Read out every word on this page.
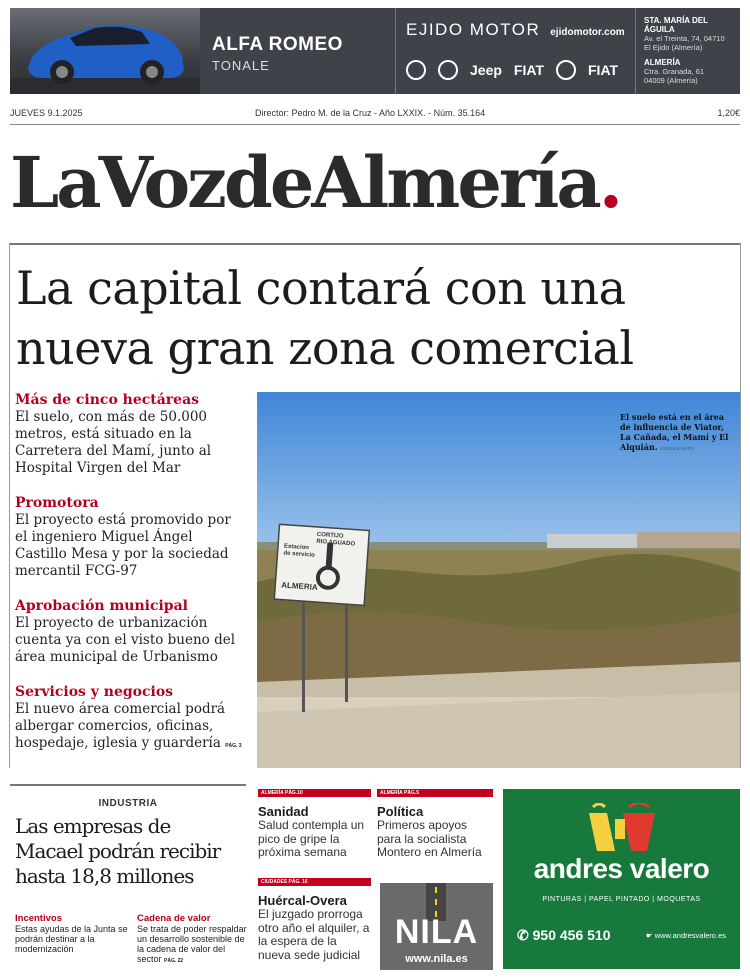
ALFA ROMEO
TONALE
EJIDO MOTOR ejidomotor.com
Jeep FIAT	FIAT
STA. MARÍA DEL ÁGUILA
Av. el Treinta, 74, 04710
El Ejido (Almería)
ALMERÍA
Ctra. Granada, 61
04009 (Almería)
JUEVES 9.1.2025	Director: Pedro M. de la Cruz - Año LXXIX. - Núm. 35.164	1,20€
LaVozdeAlmería.
La capital contará con una
nueva gran zona comercial
Más de cinco hectáreas
El suelo, con más de 50.000 metros, está situado en la Carretera del Mamí, junto al Hospital Virgen del Mar
Promotora
El proyecto está promovido por el ingeniero Miguel Ángel Castillo Mesa y por la sociedad mercantil FCG-97
Aprobación municipal
El proyecto de urbanización cuenta ya con el visto bueno del área municipal de Urbanismo
Servicios y negocios
El nuevo área comercial podrá albergar comercios, oficinas, hospedaje, iglesia y guardería PÁG. 3
CORTIJO
RIO AGUADO
Estacion
de servicio
ALMERIA
El suelo está en el área de influencia de Viator, La Cañada, el Mamí y El Alquián. GOOGLE MAPS
INDUSTRIA
Las empresas de
Macael podrán recibir
hasta 18,8 millones
Incentivos
Estas ayudas de la Junta se podrán destinar a la modernización
Cadena de valor
Se trata de poder respaldar un desarrollo sostenible de la cadena de valor del sector PÁG. 22
ALMERÍA PÁG.10
Sanidad
Salud contempla un pico de gripe la próxima semana
ALMERÍA PÁG.5
Política
Primeros apoyos para la socialista Montero en Almería
CIUDADES PÁG. 16
Huércal-Overa
El juzgado prorroga otro año el alquiler, a la espera de la nueva sede judicial
NILA
www.nila.es
andres valero
PINTURAS | PAPEL PINTADO | MOQUETAS
✆ 950 456 510	☛ www.andresvalero.es
